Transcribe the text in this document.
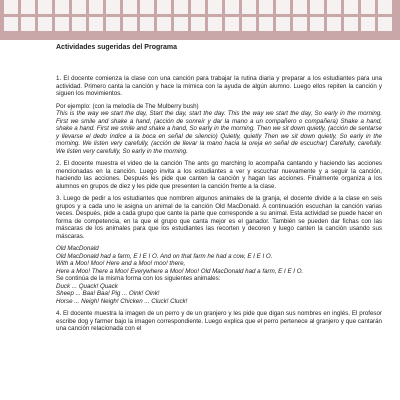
Actividades sugeridas del Programa

1. El docente comienza la clase con una canción para trabajar la rutina diaria y preparar a los estudiantes para una actividad. Primero canta la canción y hace la mímica con la ayuda de algún alumno. Luego ellos repiten la canción y siguen los movimientos.

Por ejemplo: (con la melodía de The Mulberry bush)

This is the way we start the day, Start the day, start the day. This the way we start the day, So early in the morning. First we smile and shake a hand, (acción de sonreír y dar la mano a un compañero o compañera) Shake a hand, shake a hand. First we smile and shake a hand, So early in the morning. Then we sit down quietly, (acción de sentarse y llevarse el dedo índice a la boca en señal de silencio) Quietly, quietly Then we sit down quietly, So early in the morning. We listen very carefully, (acción de llevar la mano hacia la oreja en señal de escuchar) Carefully, carefully. We listen very carefully, So early in the morning.

2. El docente muestra el video de la canción The ants go marching lo acompaña cantando y haciendo las acciones mencionadas en la canción. Luego invita a los estudiantes a ver y escuchar nuevamente y a seguir la canción, haciendo las acciones. Después les pide que canten la canción y hagan las acciones. Finalmente organiza a los alumnos en grupos de diez y les pide que presenten la canción frente a la clase.

3. Luego de pedir a los estudiantes que nombren algunos animales de la granja, el docente divide a la clase en seis grupos y a cada uno le asigna un animal de la canción Old MacDonald. A continuación escuchan la canción varias veces. Después, pide a cada grupo que cante la parte que corresponde a su animal. Esta actividad se puede hacer en forma de competencia, en la que el grupo que canta mejor es el ganador. También se pueden dar fichas con las máscaras de los animales para que los estudiantes las recorten y decoren y luego canten la canción usando sus máscaras.

Old MacDonald

Old MacDonald had a farm, E I E I O. And on that farm he had a cow, E I E I O.

With a Moo! Moo! Here and a Moo! moo! there,

Here a Moo! There a Moo! Everywhere a Moo! Moo! Old MacDonald had a farm, E I E I O.

Se continúa de la misma forma con los siguientes animales:

Duck ... Quack! Quack

Sheep ... Baa! Baa! Pig ... Oink! Oink!

Horse ... Neigh! Neigh! Chicken ... Cluck! Cluck!

4. El docente muestra la imagen de un perro y de un granjero y les pide que digan sus nombres en inglés. El profesor escribe dog y farmer bajo la imagen correspondiente. Luego explica que el perro pertenece al granjero y que cantarán una canción relacionada con el
